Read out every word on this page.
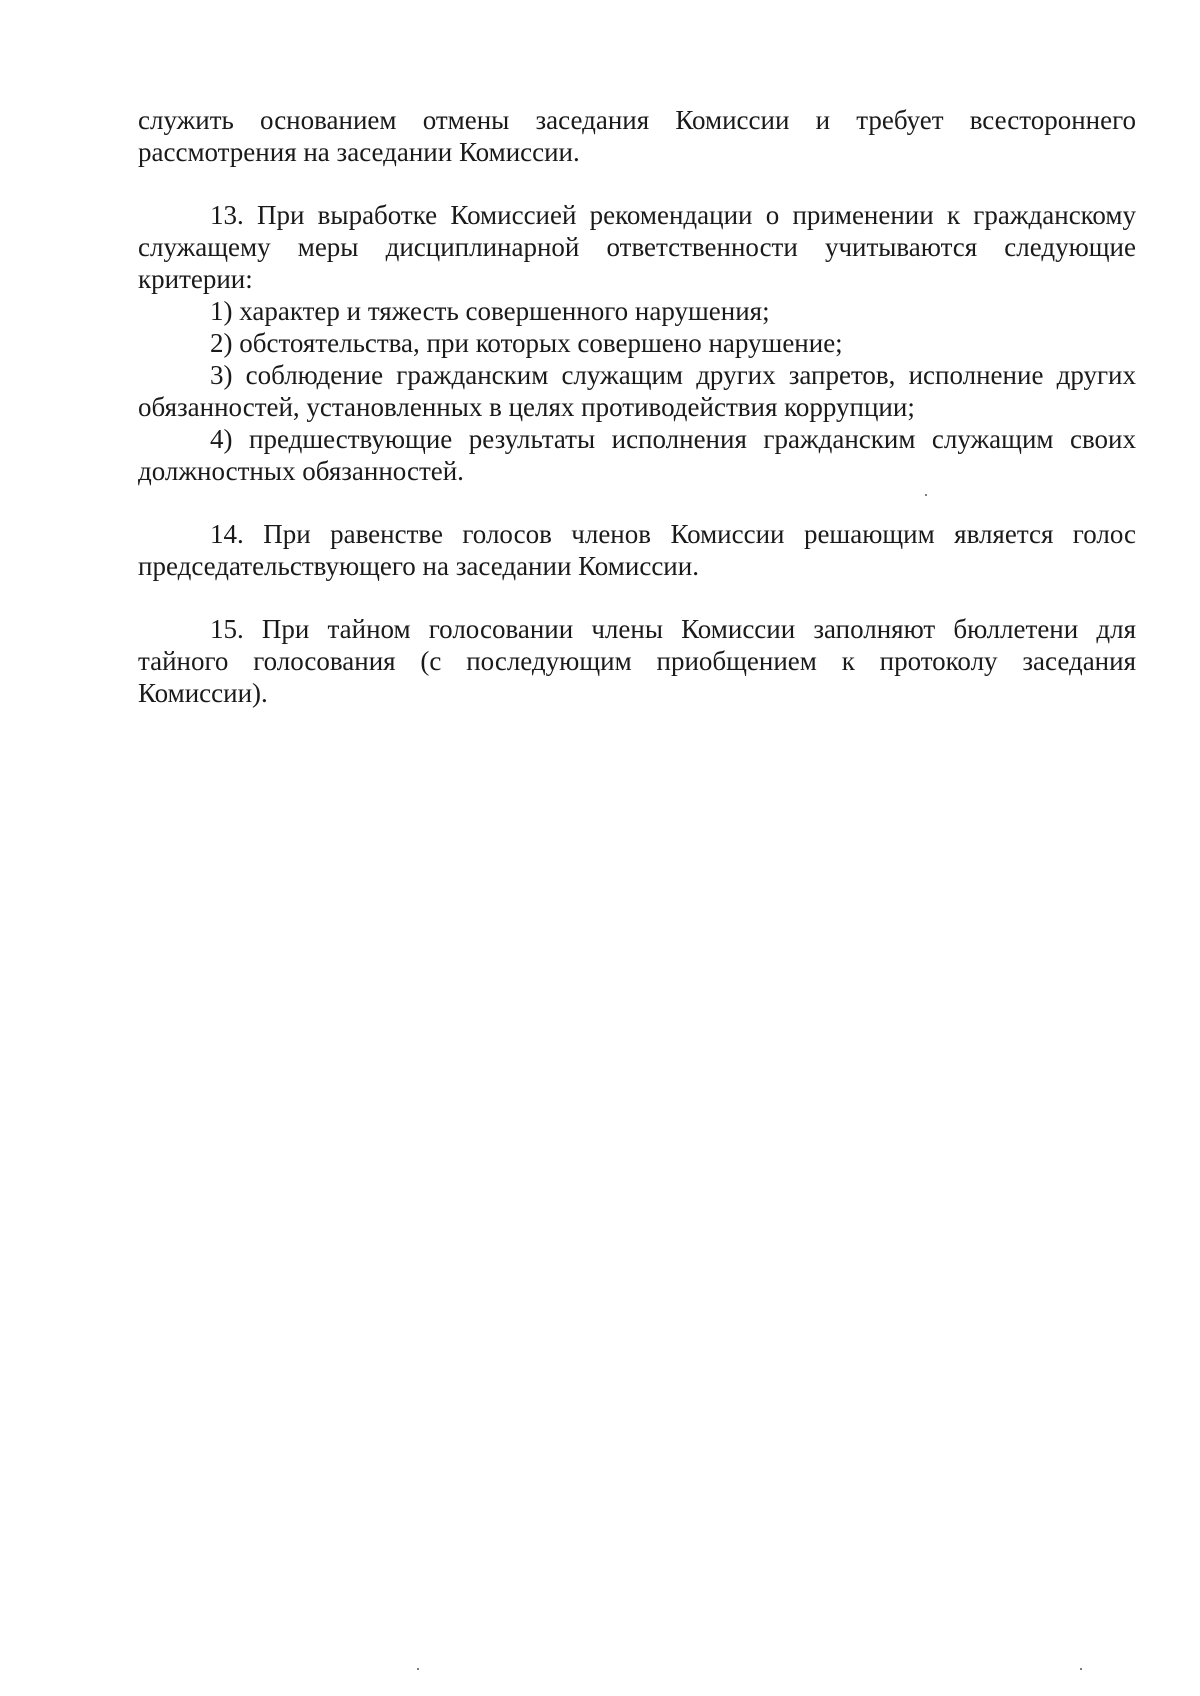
служить основанием отмены заседания Комиссии и требует всестороннего рассмотрения на заседании Комиссии.

13. При выработке Комиссией рекомендации о применении к гражданскому служащему меры дисциплинарной ответственности учитываются следующие критерии:

1) характер и тяжесть совершенного нарушения;

2) обстоятельства, при которых совершено нарушение;

3) соблюдение гражданским служащим других запретов, исполнение других обязанностей, установленных в целях противодействия коррупции;

4) предшествующие результаты исполнения гражданским служащим своих должностных обязанностей.

14. При равенстве голосов членов Комиссии решающим является голос председательствующего на заседании Комиссии.

15. При тайном голосовании члены Комиссии заполняют бюллетени для тайного голосования (с последующим приобщением к протоколу заседания Комиссии).
